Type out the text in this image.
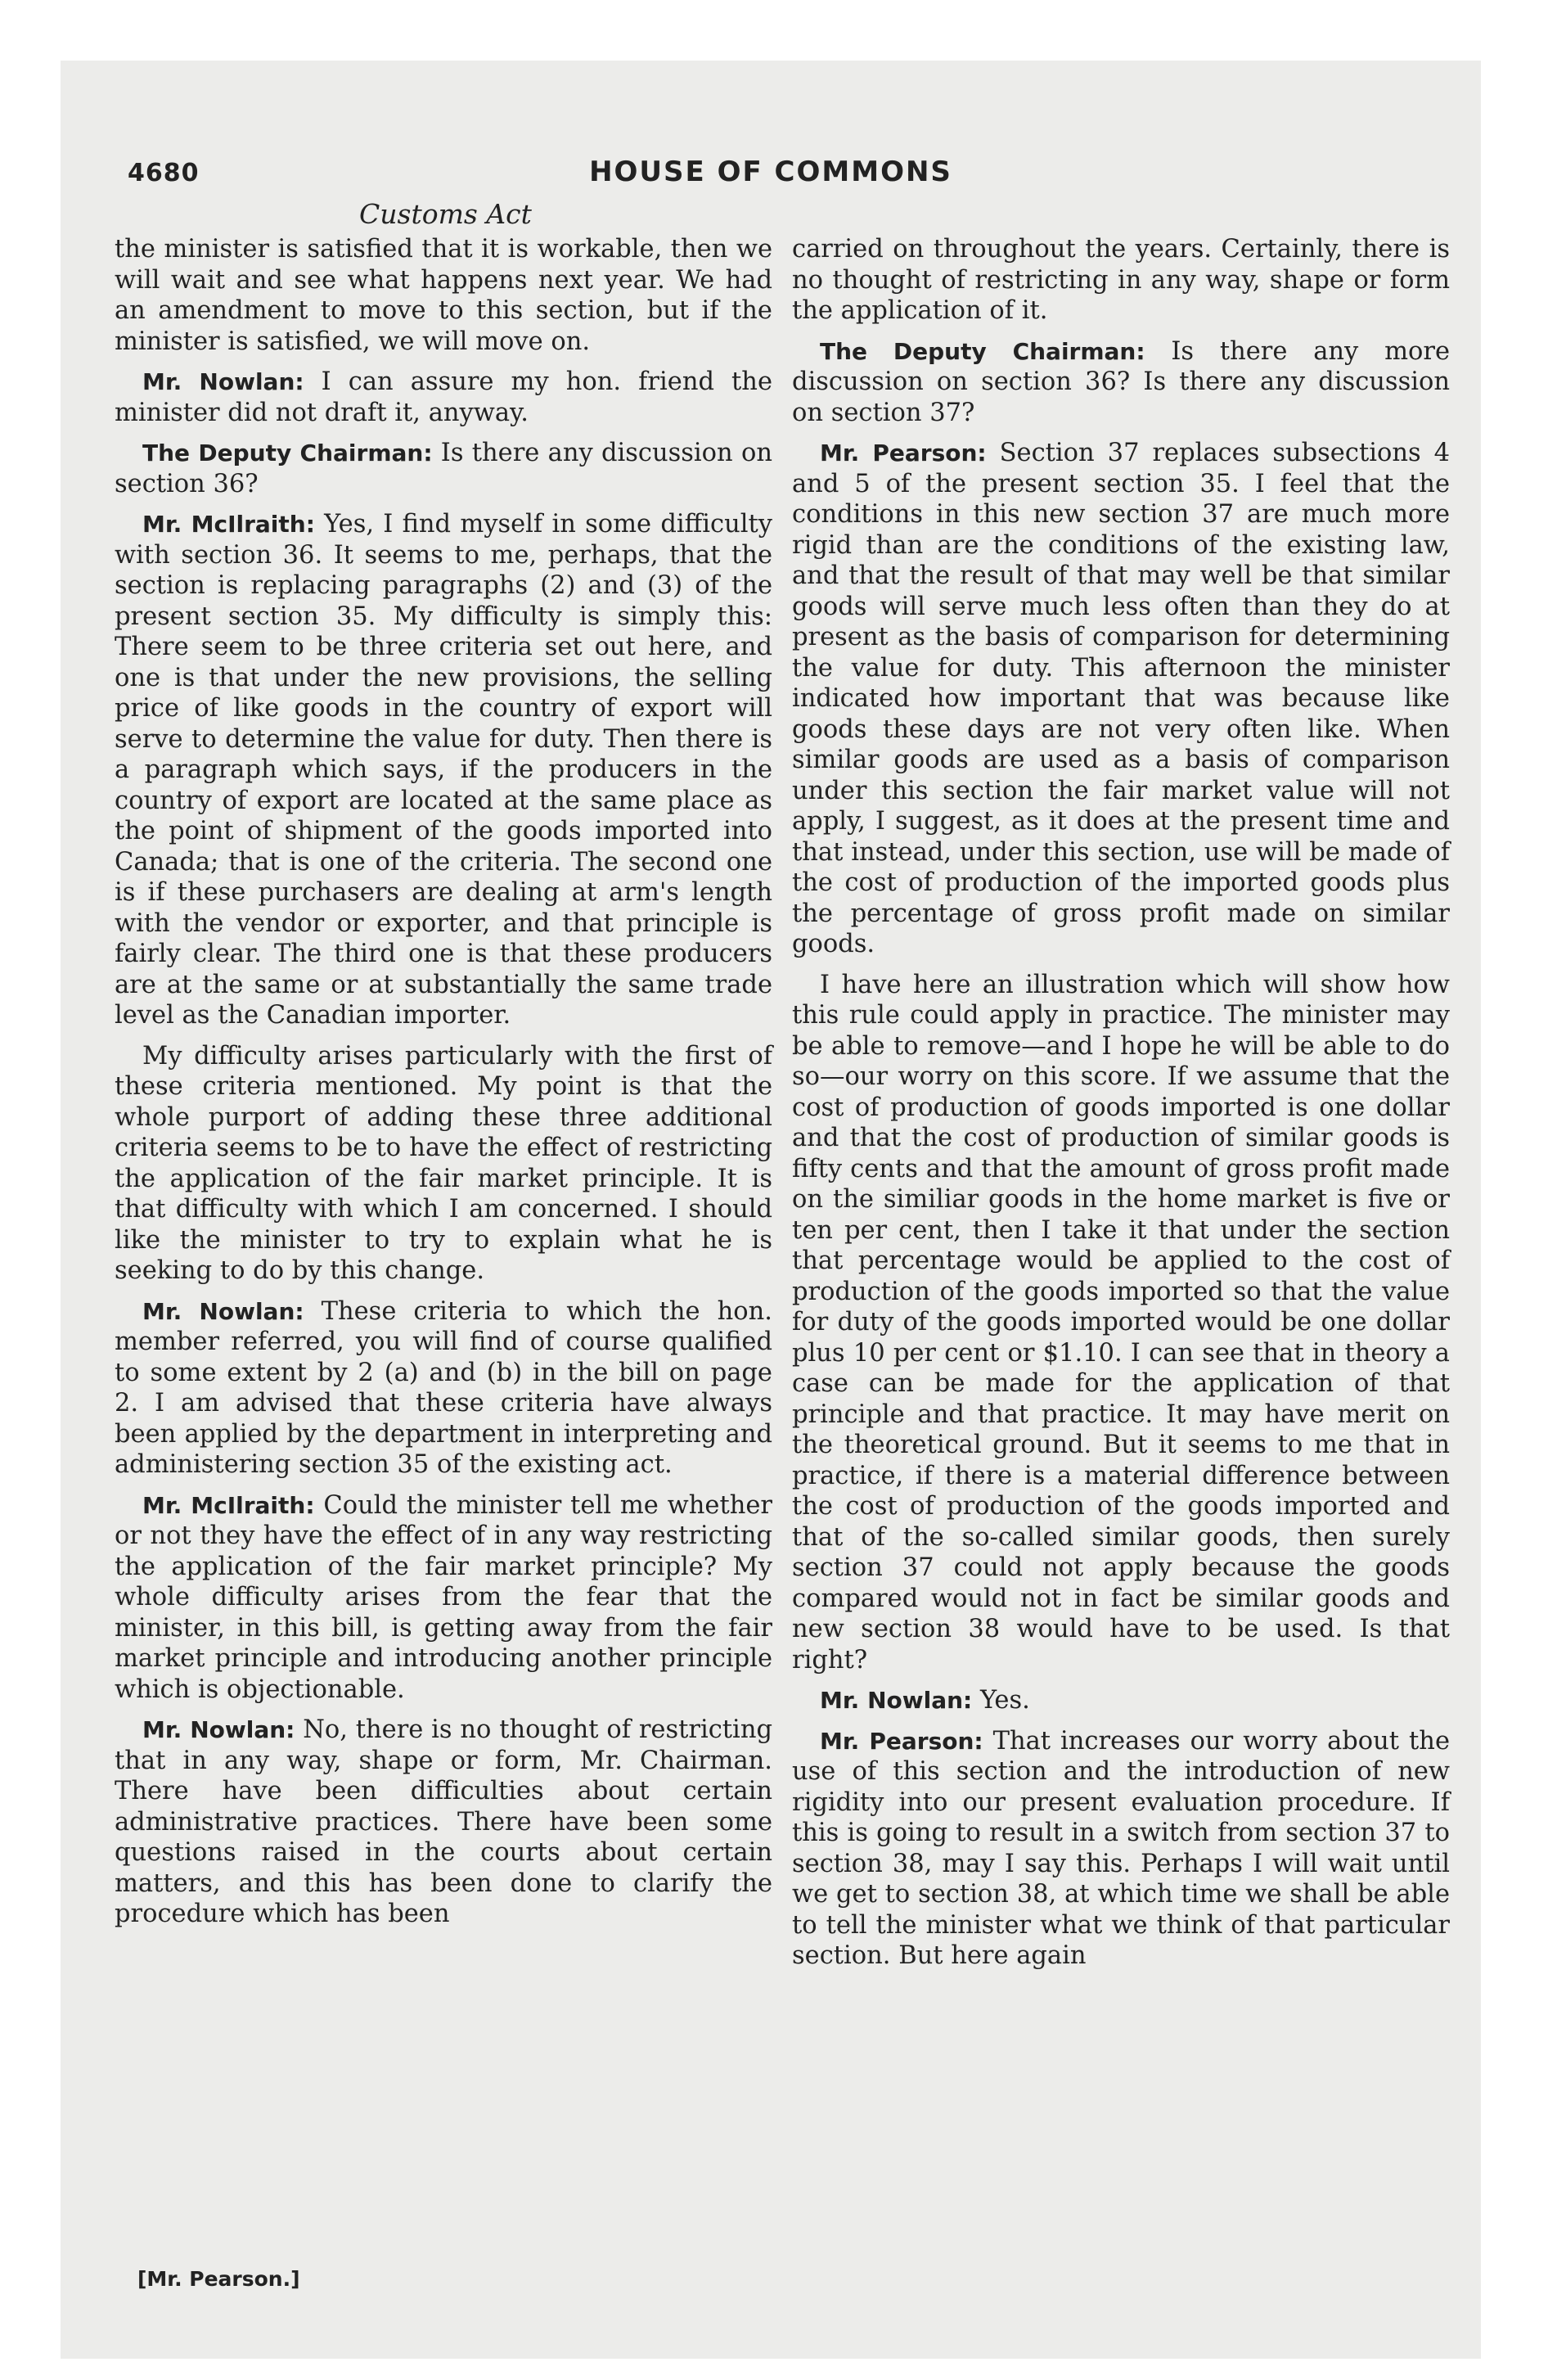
4680	HOUSE OF COMMONS
Customs Act

the minister is satisfied that it is workable, then we will wait and see what happens next year. We had an amendment to move to this section, but if the minister is satisfied, we will move on.

Mr. Nowlan: I can assure my hon. friend the minister did not draft it, anyway.

The Deputy Chairman: Is there any discussion on section 36?

Mr. McIlraith: Yes, I find myself in some difficulty with section 36. It seems to me, perhaps, that the section is replacing paragraphs (2) and (3) of the present section 35. My difficulty is simply this: There seem to be three criteria set out here, and one is that under the new provisions, the selling price of like goods in the country of export will serve to determine the value for duty. Then there is a paragraph which says, if the producers in the country of export are located at the same place as the point of shipment of the goods imported into Canada; that is one of the criteria. The second one is if these purchasers are dealing at arm's length with the vendor or exporter, and that principle is fairly clear. The third one is that these producers are at the same or at substantially the same trade level as the Canadian importer.

My difficulty arises particularly with the first of these criteria mentioned. My point is that the whole purport of adding these three additional criteria seems to be to have the effect of restricting the application of the fair market principle. It is that difficulty with which I am concerned. I should like the minister to try to explain what he is seeking to do by this change.

Mr. Nowlan: These criteria to which the hon. member referred, you will find of course qualified to some extent by 2 (a) and (b) in the bill on page 2. I am advised that these criteria have always been applied by the department in interpreting and administering section 35 of the existing act.

Mr. McIlraith: Could the minister tell me whether or not they have the effect of in any way restricting the application of the fair market principle? My whole difficulty arises from the fear that the minister, in this bill, is getting away from the fair market principle and introducing another principle which is objectionable.

Mr. Nowlan: No, there is no thought of restricting that in any way, shape or form, Mr. Chairman. There have been difficulties about certain administrative practices. There have been some questions raised in the courts about certain matters, and this has been done to clarify the procedure which has been

carried on throughout the years. Certainly, there is no thought of restricting in any way, shape or form the application of it.

The Deputy Chairman: Is there any more discussion on section 36? Is there any discussion on section 37?

Mr. Pearson: Section 37 replaces subsections 4 and 5 of the present section 35. I feel that the conditions in this new section 37 are much more rigid than are the conditions of the existing law, and that the result of that may well be that similar goods will serve much less often than they do at present as the basis of comparison for determining the value for duty. This afternoon the minister indicated how important that was because like goods these days are not very often like. When similar goods are used as a basis of comparison under this section the fair market value will not apply, I suggest, as it does at the present time and that instead, under this section, use will be made of the cost of production of the imported goods plus the percentage of gross profit made on similar goods.

I have here an illustration which will show how this rule could apply in practice. The minister may be able to remove—and I hope he will be able to do so—our worry on this score. If we assume that the cost of production of goods imported is one dollar and that the cost of production of similar goods is fifty cents and that the amount of gross profit made on the similiar goods in the home market is five or ten per cent, then I take it that under the section that percentage would be applied to the cost of production of the goods imported so that the value for duty of the goods imported would be one dollar plus 10 per cent or $1.10. I can see that in theory a case can be made for the application of that principle and that practice. It may have merit on the theoretical ground. But it seems to me that in practice, if there is a material difference between the cost of production of the goods imported and that of the so-called similar goods, then surely section 37 could not apply because the goods compared would not in fact be similar goods and new section 38 would have to be used. Is that right?

Mr. Nowlan: Yes.

Mr. Pearson: That increases our worry about the use of this section and the introduction of new rigidity into our present evaluation procedure. If this is going to result in a switch from section 37 to section 38, may I say this. Perhaps I will wait until we get to section 38, at which time we shall be able to tell the minister what we think of that particular section. But here again

[Mr. Pearson.]
